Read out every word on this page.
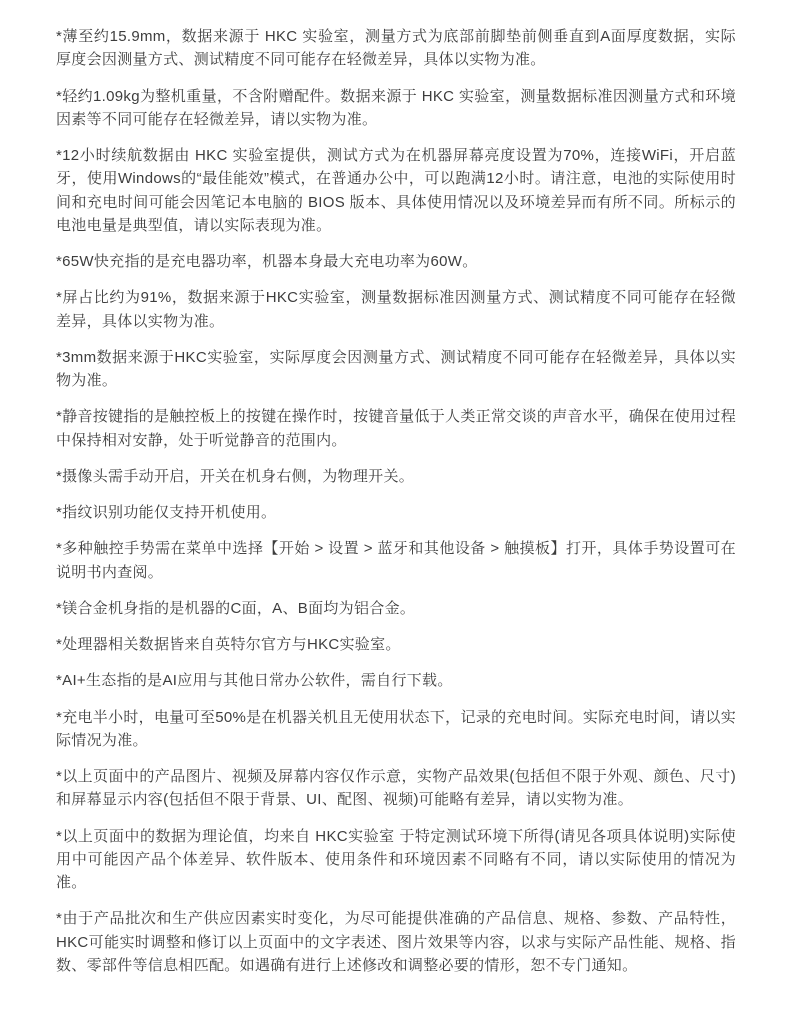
*薄至约15.9mm，数据来源于 HKC 实验室，测量方式为底部前脚垫前侧垂直到A面厚度数据，实际厚度会因测量方式、测试精度不同可能存在轻微差异，具体以实物为准。

*轻约1.09kg为整机重量，不含附赠配件。数据来源于 HKC 实验室，测量数据标准因测量方式和环境因素等不同可能存在轻微差异，请以实物为准。

*12小时续航数据由 HKC 实验室提供，测试方式为在机器屏幕亮度设置为70%，连接WiFi，开启蓝牙，使用Windows的“最佳能效”模式，在普通办公中，可以跑满12小时。请注意，电池的实际使用时间和充电时间可能会因笔记本电脑的 BIOS 版本、具体使用情况以及环境差异而有所不同。所标示的电池电量是典型值，请以实际表现为准。

*65W快充指的是充电器功率，机器本身最大充电功率为60W。

*屏占比约为91%，数据来源于HKC实验室，测量数据标准因测量方式、测试精度不同可能存在轻微差异，具体以实物为准。

*3mm数据来源于HKC实验室，实际厚度会因测量方式、测试精度不同可能存在轻微差异，具体以实物为准。

*静音按键指的是触控板上的按键在操作时，按键音量低于人类正常交谈的声音水平，确保在使用过程中保持相对安静，处于听觉静音的范围内。

*摄像头需手动开启，开关在机身右侧，为物理开关。

*指纹识别功能仅支持开机使用。

*多种触控手势需在菜单中选择【开始 > 设置 > 蓝牙和其他设备 > 触摸板】打开，具体手势设置可在说明书内查阅。

*镁合金机身指的是机器的C面，A、B面均为铝合金。

*处理器相关数据皆来自英特尔官方与HKC实验室。

*AI+生态指的是AI应用与其他日常办公软件，需自行下载。

*充电半小时，电量可至50%是在机器关机且无使用状态下，记录的充电时间。实际充电时间，请以实际情况为准。

*以上页面中的产品图片、视频及屏幕内容仅作示意，实物产品效果(包括但不限于外观、颜色、尺寸)和屏幕显示内容(包括但不限于背景、UI、配图、视频)可能略有差异，请以实物为准。

*以上页面中的数据为理论值，均来自 HKC实验室 于特定测试环境下所得(请见各项具体说明)实际使用中可能因产品个体差异、软件版本、使用条件和环境因素不同略有不同，请以实际使用的情况为准。

*由于产品批次和生产供应因素实时变化，为尽可能提供准确的产品信息、规格、参数、产品特性，HKC可能实时调整和修订以上页面中的文字表述、图片效果等内容，以求与实际产品性能、规格、指数、零部件等信息相匹配。如遇确有进行上述修改和调整必要的情形，恕不专门通知。
